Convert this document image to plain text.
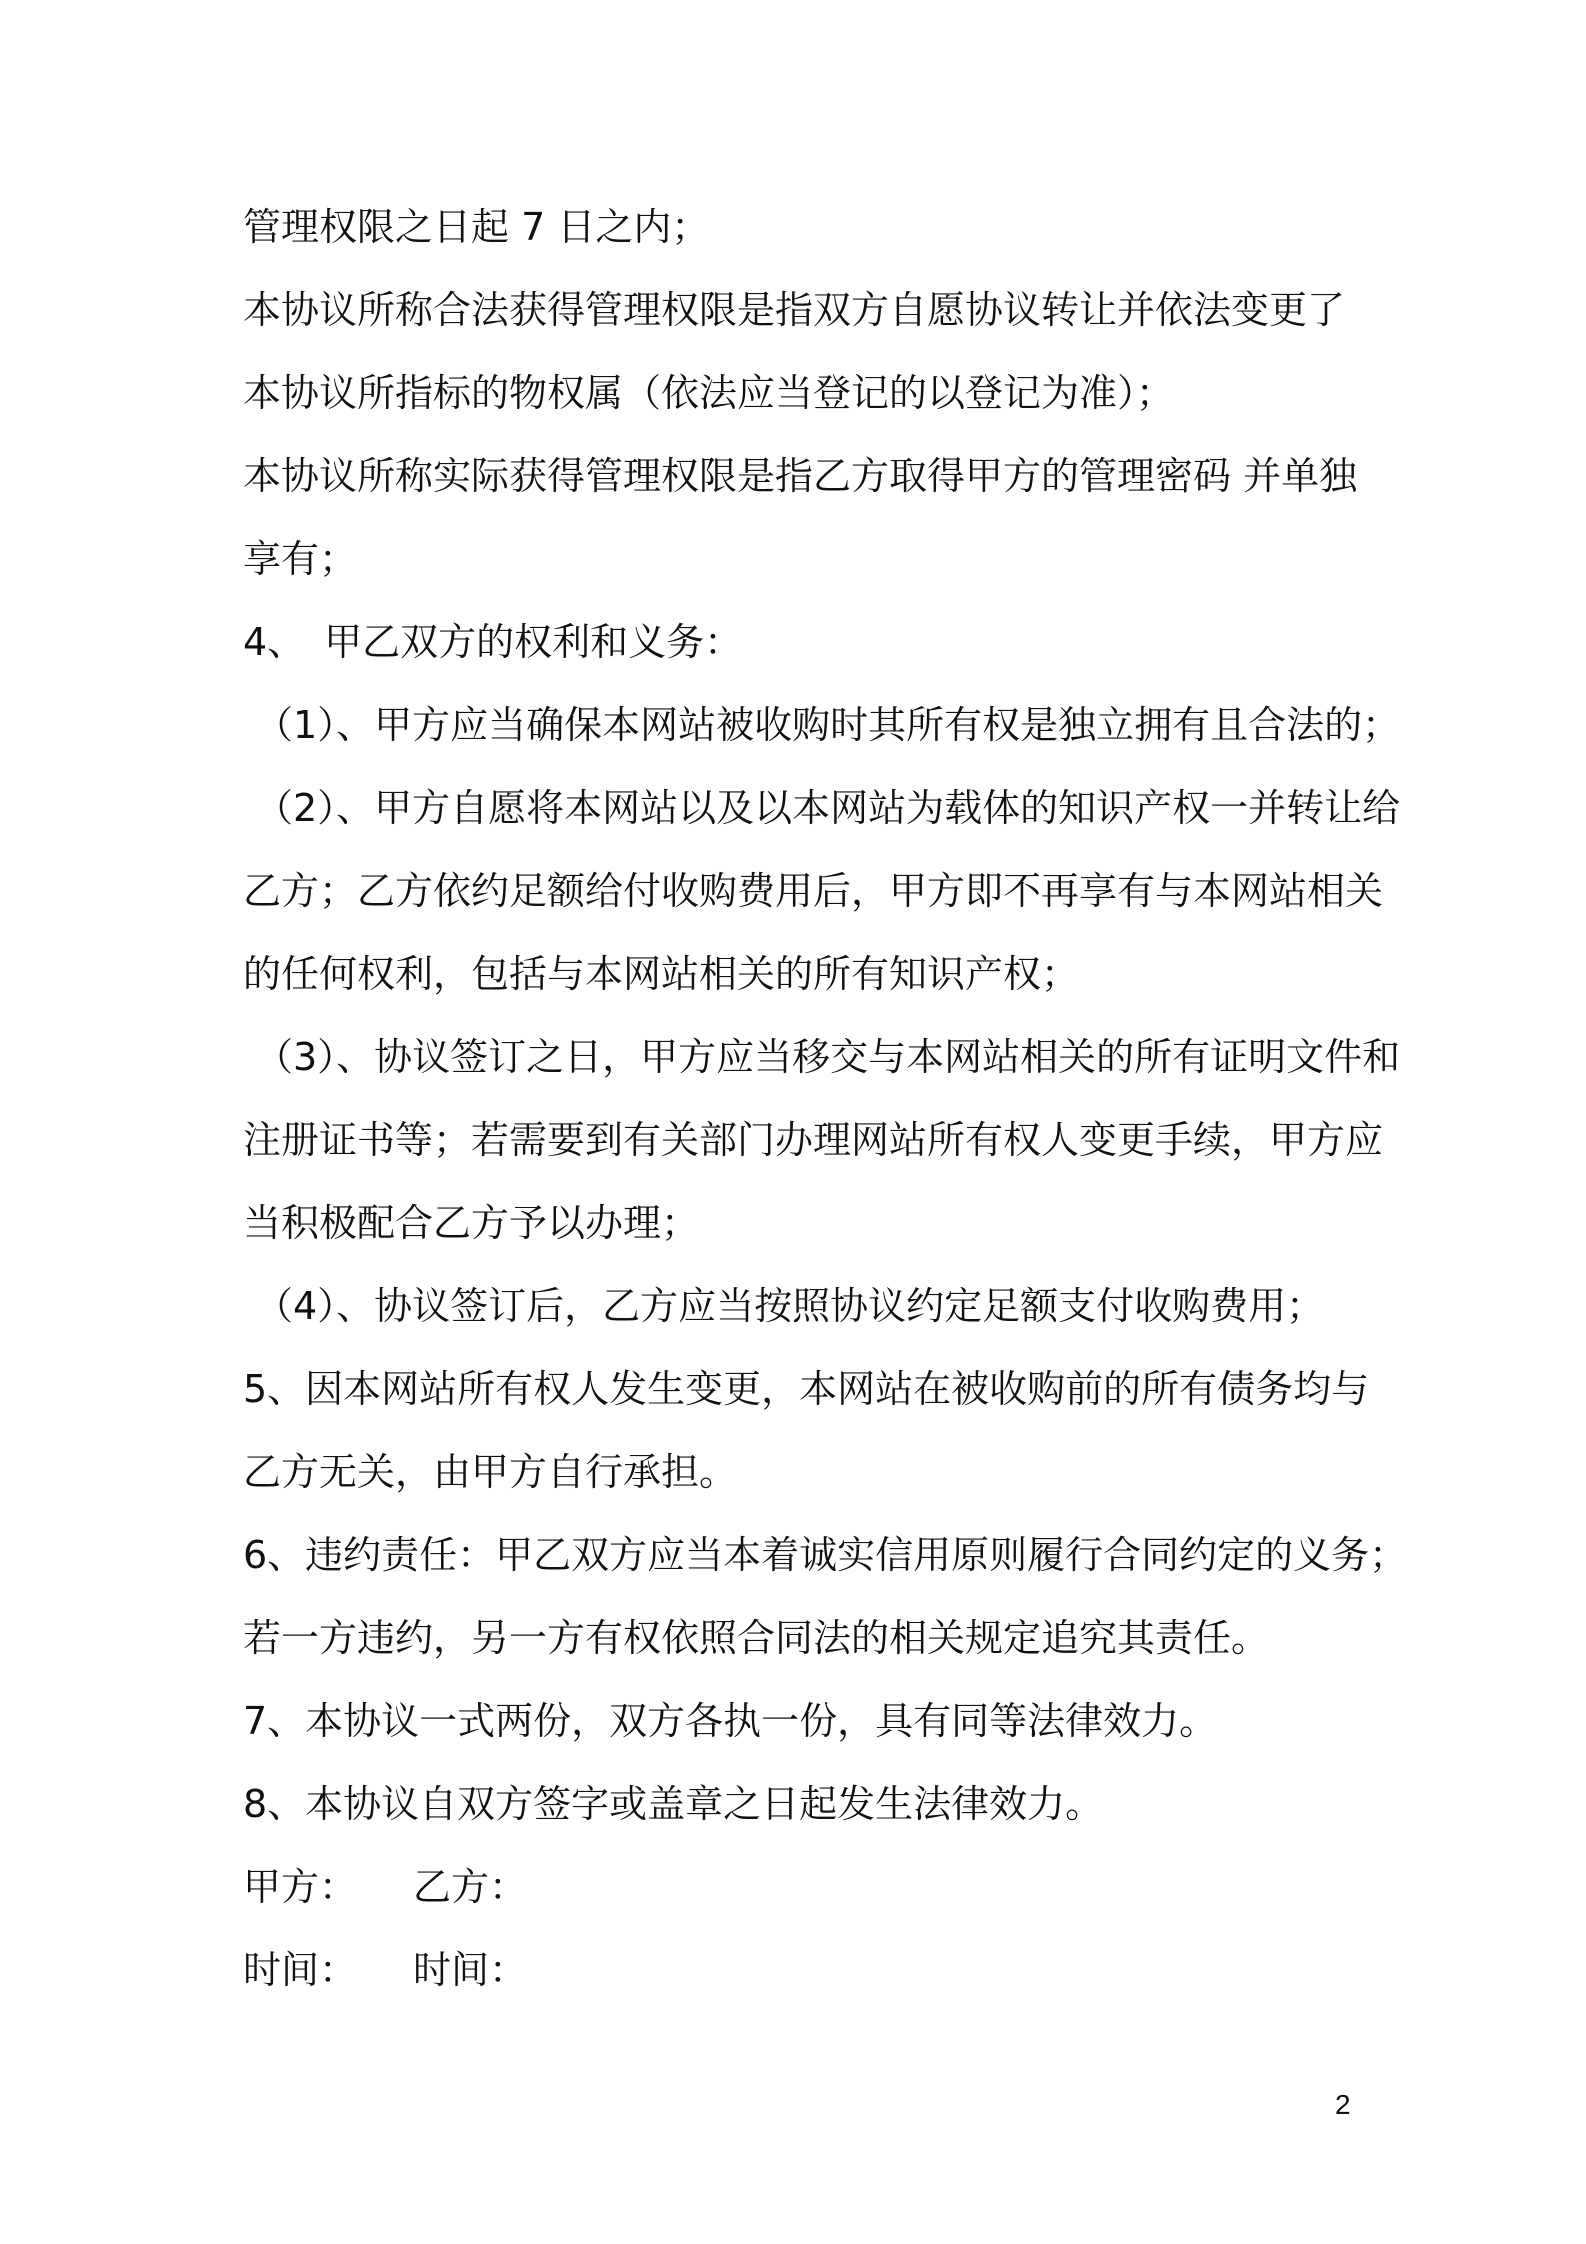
管理权限之日起 7 日之内；
本协议所称合法获得管理权限是指双方自愿协议转让并依法变更了
本协议所指标的物权属（依法应当登记的以登记为准）；
本协议所称实际获得管理权限是指乙方取得甲方的管理密码 并单独
享有；
4、　甲乙双方的权利和义务：
（1）、甲方应当确保本网站被收购时其所有权是独立拥有且合法的；
（2）、甲方自愿将本网站以及以本网站为载体的知识产权一并转让给
乙方；乙方依约足额给付收购费用后，甲方即不再享有与本网站相关
的任何权利，包括与本网站相关的所有知识产权；
（3）、协议签订之日，甲方应当移交与本网站相关的所有证明文件和
注册证书等；若需要到有关部门办理网站所有权人变更手续，甲方应
当积极配合乙方予以办理；
（4）、协议签订后，乙方应当按照协议约定足额支付收购费用；
5、因本网站所有权人发生变更，本网站在被收购前的所有债务均与
乙方无关，由甲方自行承担。
6、违约责任：甲乙双方应当本着诚实信用原则履行合同约定的义务；
若一方违约，另一方有权依照合同法的相关规定追究其责任。
7、本协议一式两份，双方各执一份，具有同等法律效力。
8、本协议自双方签字或盖章之日起发生法律效力。
甲方： 乙方：
时间： 时间：
2
